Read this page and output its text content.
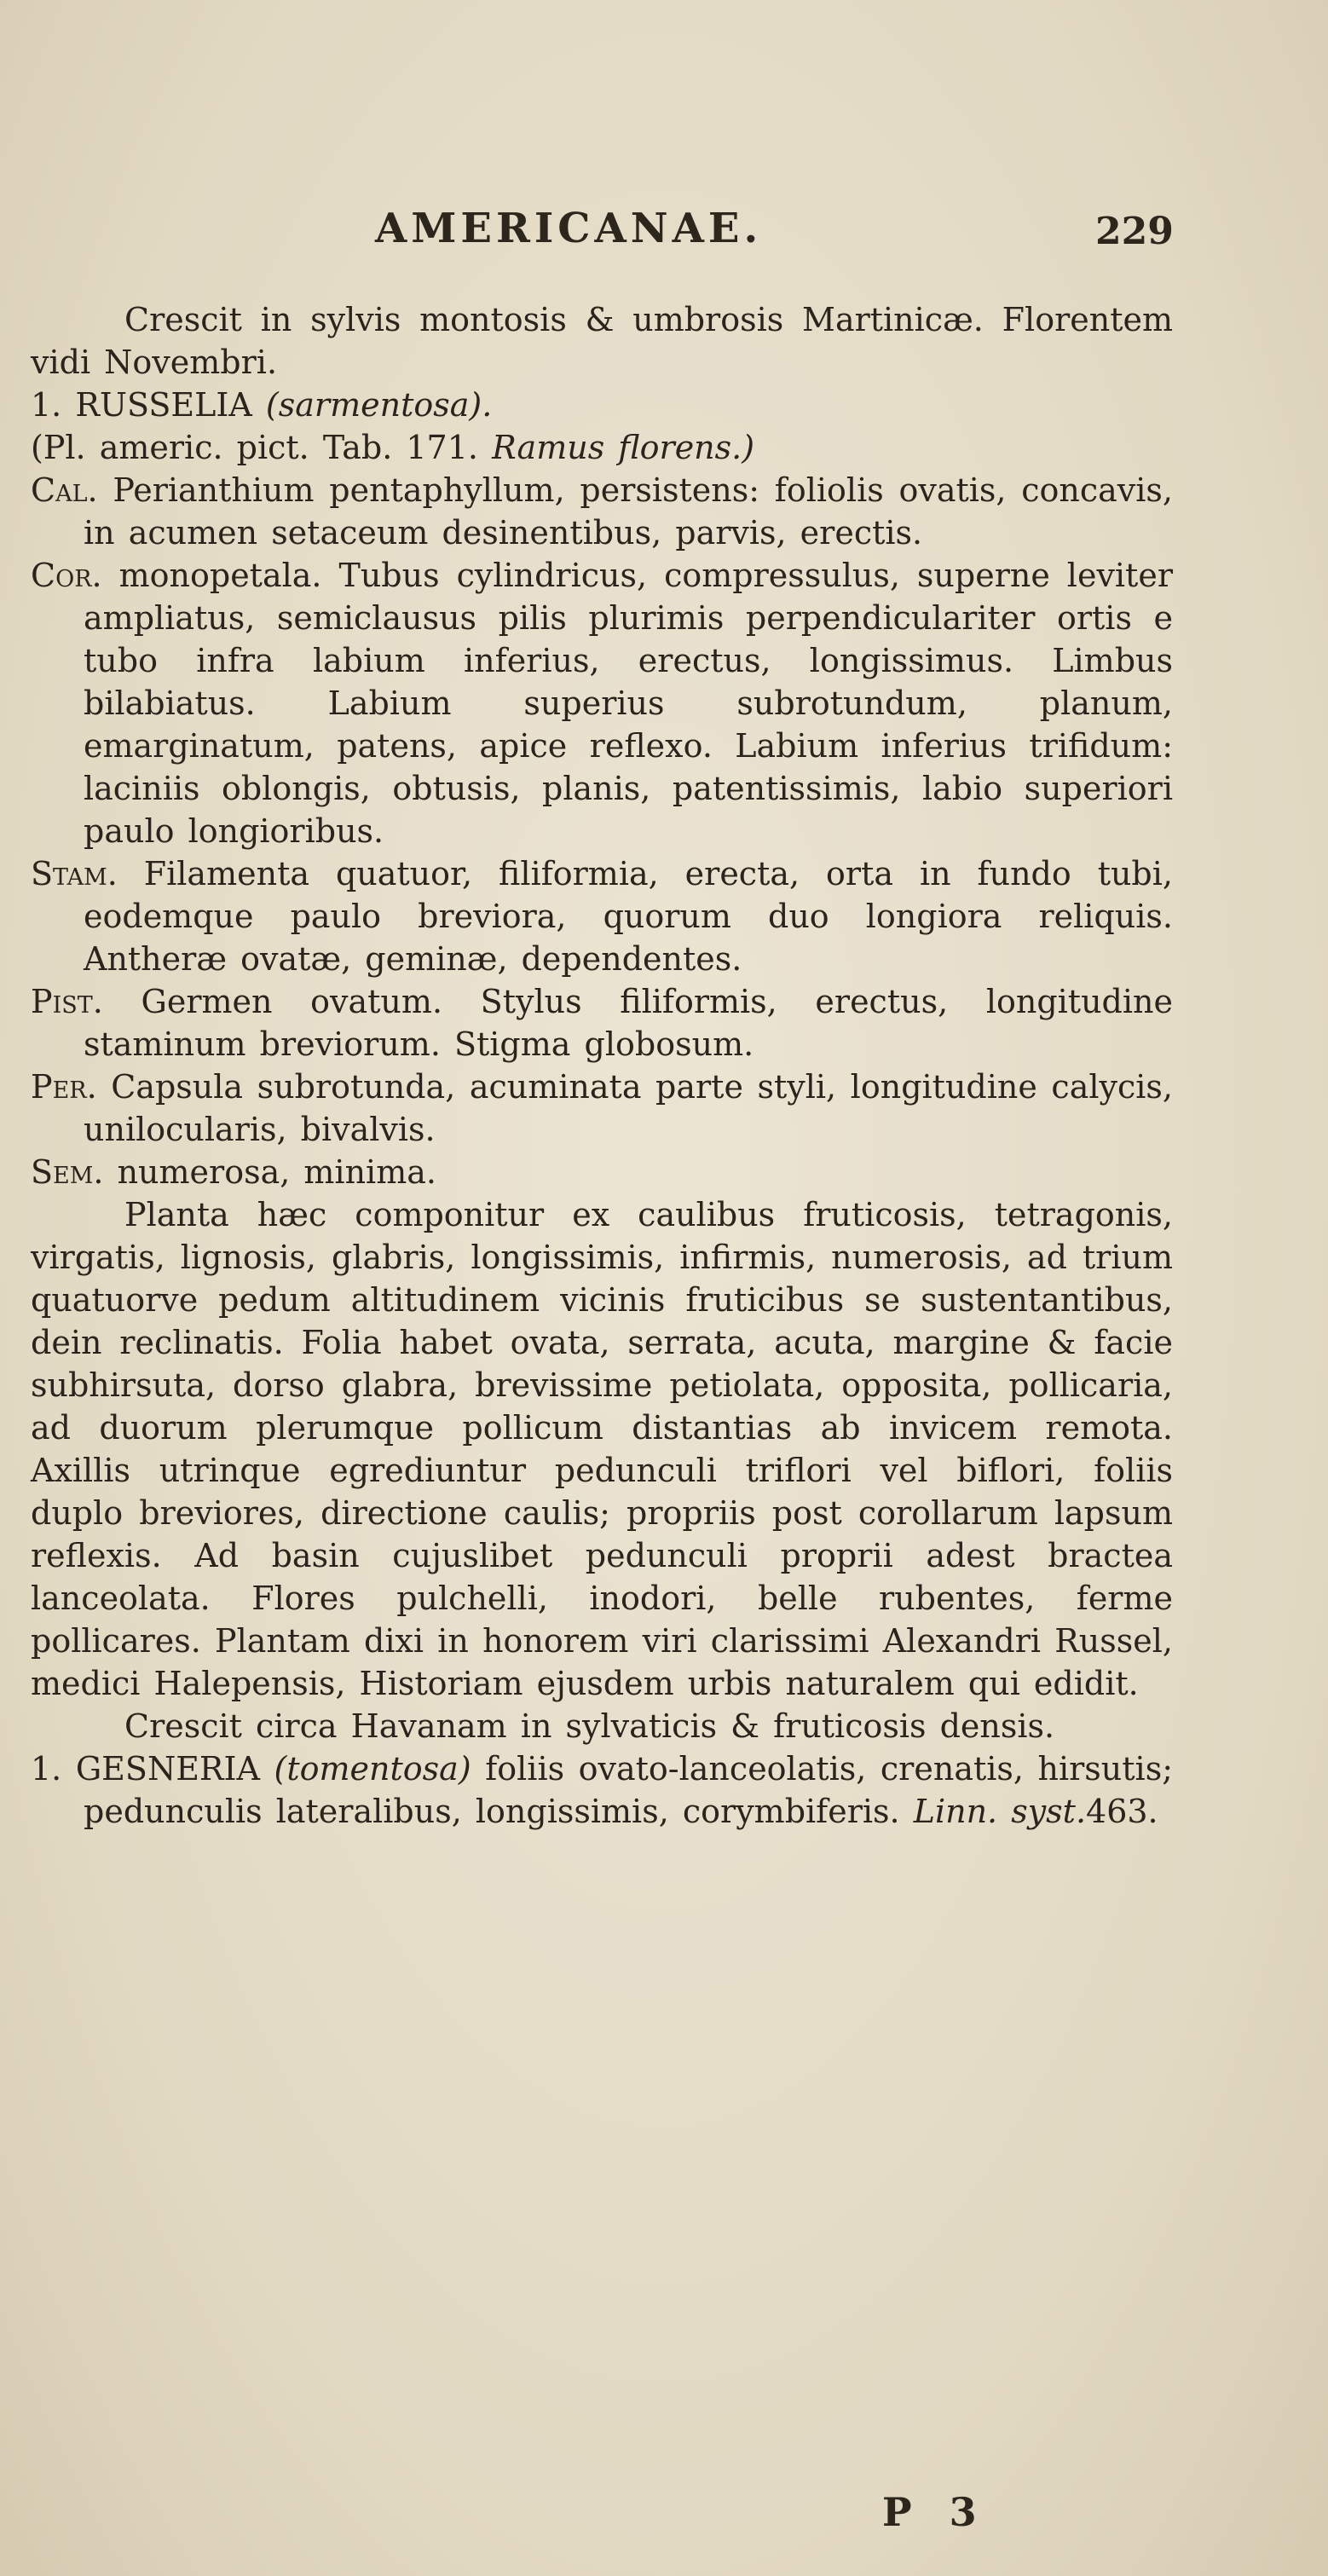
AMERICANAE.	229

Crescit in sylvis montosis & umbrosis Martinicæ. Florentem vidi Novembri.

1. RUSSELIA (sarmentosa).

(Pl. americ. pict. Tab. 171. Ramus florens.)

Cal. Perianthium pentaphyllum, persistens: foliolis ovatis, concavis, in acumen setaceum desinentibus, parvis, erectis.

Cor. monopetala. Tubus cylindricus, compressulus, superne leviter ampliatus, semiclausus pilis plurimis perpendiculariter ortis e tubo infra labium inferius, erectus, longissimus. Limbus bilabiatus. Labium superius subrotundum, planum, emarginatum, patens, apice reflexo. Labium inferius trifidum: laciniis oblongis, obtusis, planis, patentissimis, labio superiori paulo longioribus.

Stam. Filamenta quatuor, filiformia, erecta, orta in fundo tubi, eodemque paulo breviora, quorum duo longiora reliquis. Antheræ ovatæ, geminæ, dependentes.

Pist. Germen ovatum. Stylus filiformis, erectus, longitudine staminum breviorum. Stigma globosum.

Per. Capsula subrotunda, acuminata parte styli, longitudine calycis, unilocularis, bivalvis.

Sem. numerosa, minima.

Planta hæc componitur ex caulibus fruticosis, tetragonis, virgatis, lignosis, glabris, longissimis, infirmis, numerosis, ad trium quatuorve pedum altitudinem vicinis fruticibus se sustentantibus, dein reclinatis. Folia habet ovata, serrata, acuta, margine & facie subhirsuta, dorso glabra, brevissime petiolata, opposita, pollicaria, ad duorum plerumque pollicum distantias ab invicem remota. Axillis utrinque egrediuntur pedunculi triflori vel biflori, foliis duplo breviores, directione caulis; propriis post corollarum lapsum reflexis. Ad basin cujuslibet pedunculi proprii adest bractea lanceolata. Flores pulchelli, inodori, belle rubentes, ferme pollicares. Plantam dixi in honorem viri clarissimi Alexandri Russel, medici Halepensis, Historiam ejusdem urbis naturalem qui edidit.

Crescit circa Havanam in sylvaticis & fruticosis densis.

1. GESNERIA (tomentosa) foliis ovato-lanceolatis, crenatis, hirsutis; pedunculis lateralibus, longissimis, corymbiferis. Linn. syst.463.

P 3
